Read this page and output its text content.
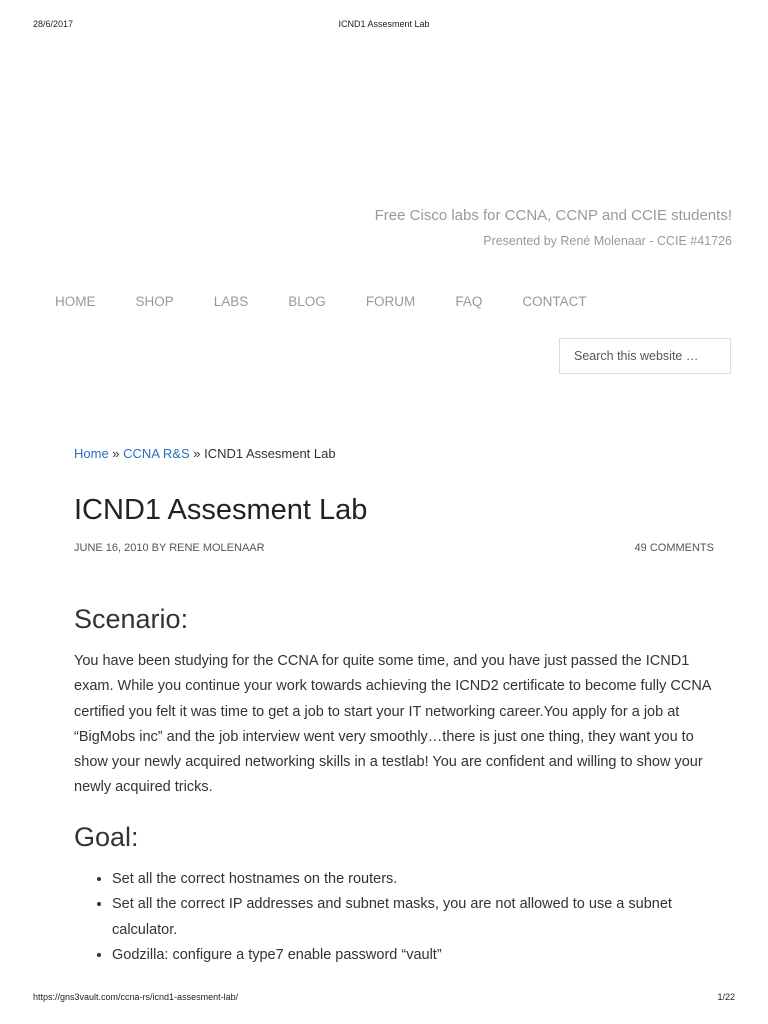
28/6/2017	ICND1 Assesment Lab
Free Cisco labs for CCNA, CCNP and CCIE students!
Presented by René Molenaar - CCIE #41726
HOME	SHOP	LABS	BLOG	FORUM	FAQ	CONTACT
Search this website …
Home » CCNA R&S » ICND1 Assesment Lab
ICND1 Assesment Lab
JUNE 16, 2010 BY RENE MOLENAAR	49 COMMENTS
Scenario:

You have been studying for the CCNA for quite some time, and you have just passed the ICND1 exam. While you continue your work towards achieving the ICND2 certificate to become fully CCNA certified you felt it was time to get a job to start your IT networking career.You apply for a job at “BigMobs inc” and the job interview went very smoothly…there is just one thing, they want you to show your newly acquired networking skills in a testlab! You are confident and willing to show your newly acquired tricks.

Goal:
• Set all the correct hostnames on the routers.
• Set all the correct IP addresses and subnet masks, you are not allowed to use a subnet calculator.
• Godzilla: configure a type7 enable password “vault”
https://gns3vault.com/ccna-rs/icnd1-assesment-lab/	1/22
